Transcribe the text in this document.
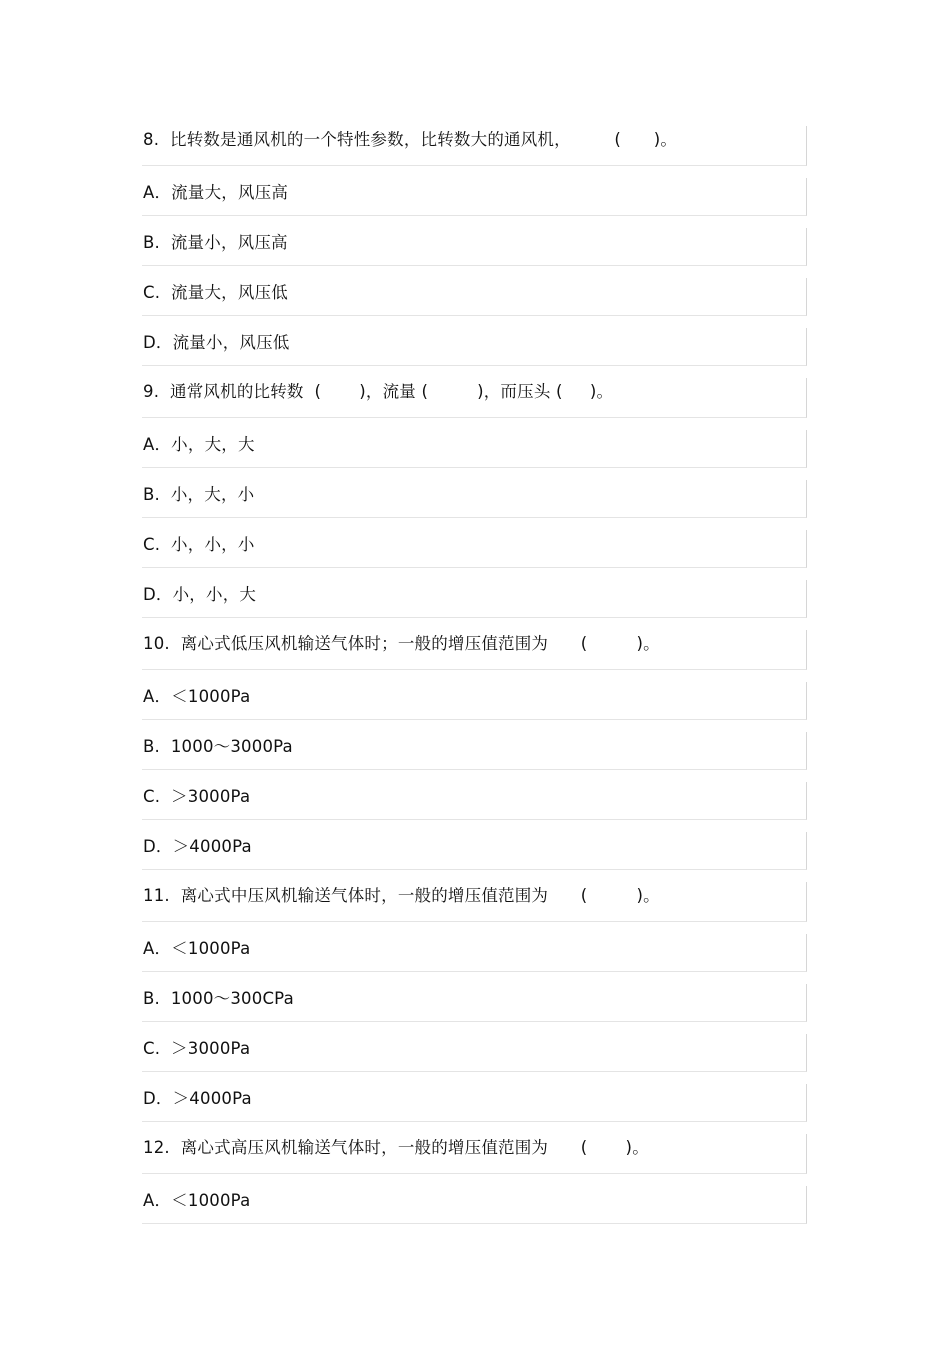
8.  比转数是通风机的一个特性参数，比转数大的通风机，        (      )。
A．流量大，风压高
B.  流量小，风压高
C.  流量大，风压低
D．流量小，风压低
9.  通常风机的比转数  (       )，流量 (         )，而压头 (     )。
A．小，大，大
B.  小，大，小
C.  小，小，小
D．小，小，大
10.  离心式低压风机输送气体时；一般的增压值范围为      (         )。
A．＜1000Pa
B.  1000～3000Pa
C.  ＞3000Pa
D．＞4000Pa
11.  离心式中压风机输送气体时，一般的增压值范围为      (         )。
A．＜1000Pa
B.  1000～300CPa
C.  ＞3000Pa
D．＞4000Pa
12.  离心式高压风机输送气体时，一般的增压值范围为      (       )。
A．＜1000Pa
